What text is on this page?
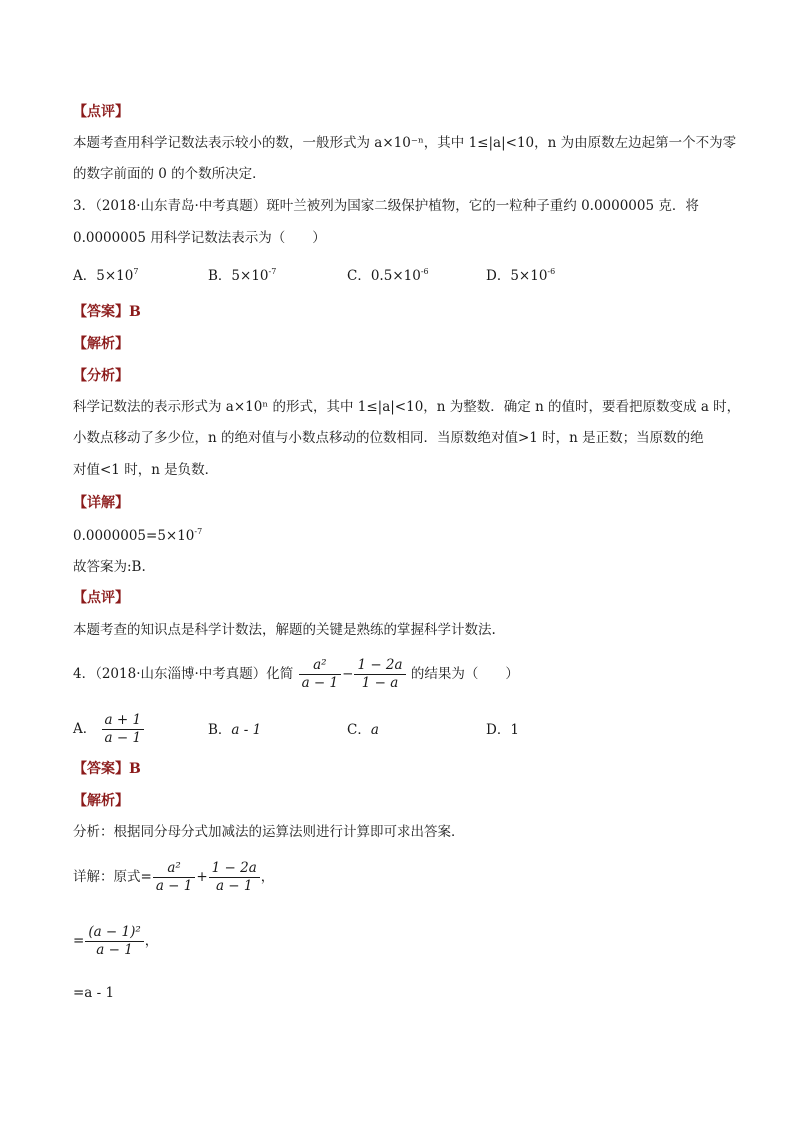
【点评】
本题考查用科学记数法表示较小的数，一般形式为 a×10⁻ⁿ，其中 1≤|a|<10，n 为由原数左边起第一个不为零
的数字前面的 0 的个数所决定．
3．（2018·山东青岛·中考真题）斑叶兰被列为国家二级保护植物，它的一粒种子重约 0.0000005 克．将
0.0000005 用科学记数法表示为（　　）
A．$5\times 10^7$	B．$5\times 10^{-7}$	C．$0.5\times 10^{-6}$	D．$5\times 10^{-6}$
【答案】B
【解析】
【分析】
科学记数法的表示形式为 a×10ⁿ 的形式，其中 1≤|a|<10，n 为整数．确定 n 的值时，要看把原数变成 a 时，
小数点移动了多少位，n 的绝对值与小数点移动的位数相同．当原数绝对值>1 时，n 是正数；当原数的绝
对值<1 时，n 是负数．
【详解】
$0.0000005=5\times 10^{-7}$
故答案为:B.
【点评】
本题考查的知识点是科学计数法，解题的关键是熟练的掌握科学计数法.
4．（2018·山东淄博·中考真题）化简 $\frac{\text{a²}}{a - 1} - \frac{1 - 2a}{1 - a}$ 的结果为（　　）
A． $\frac{a + 1}{a - 1}$	B．a - 1	C．a	D．1
【答案】B
【解析】
分析：根据同分母分式加减法的运算法则进行计算即可求出答案．
详解：原式= $\frac{\text{a²}}{a - 1} + \frac{1 - 2a}{a - 1}$ ，
= $\frac{\text{(a − 1)²}}{a - 1}$ ，
=a - 1
